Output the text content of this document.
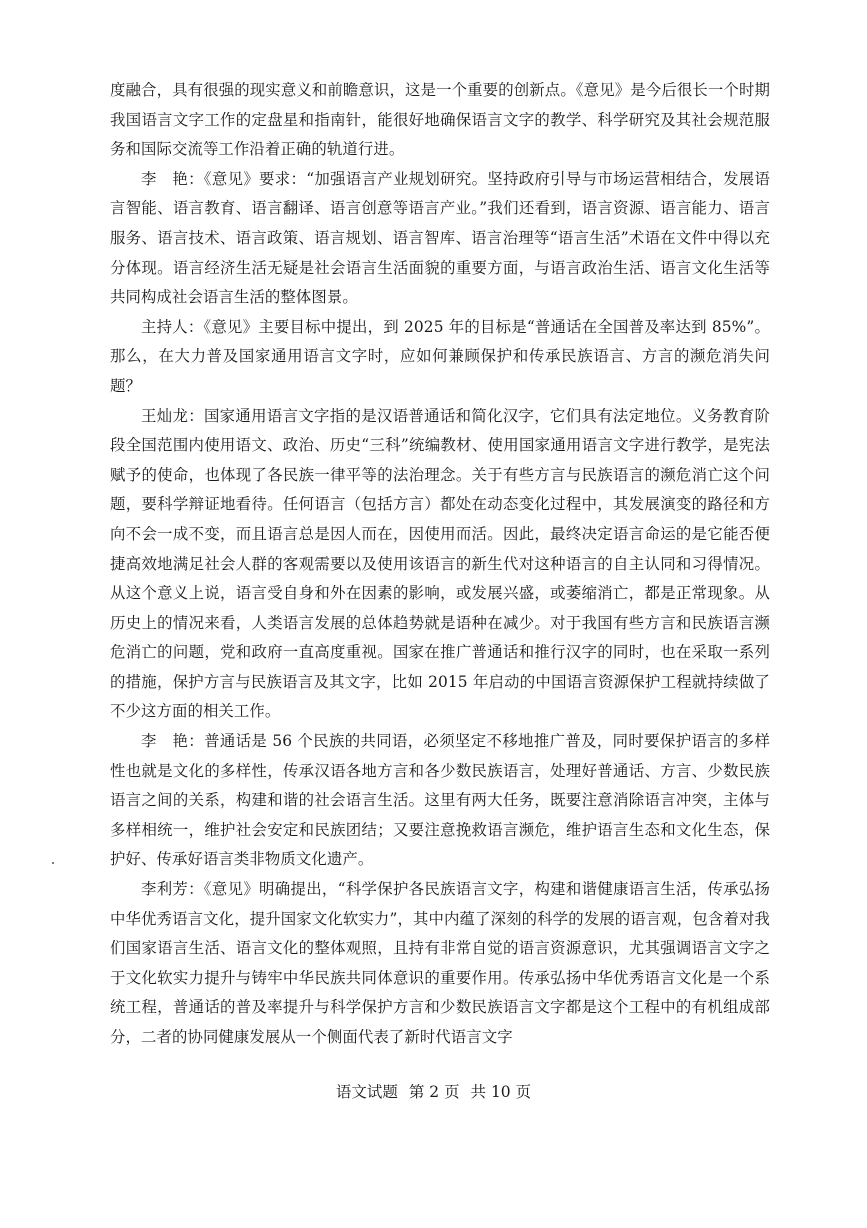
度融合，具有很强的现实意义和前瞻意识，这是一个重要的创新点。《意见》是今后很长一个时期我国语言文字工作的定盘星和指南针，能很好地确保语言文字的教学、科学研究及其社会规范服务和国际交流等工作沿着正确的轨道行进。

李　艳：《意见》要求：“加强语言产业规划研究。坚持政府引导与市场运营相结合，发展语言智能、语言教育、语言翻译、语言创意等语言产业。”我们还看到，语言资源、语言能力、语言服务、语言技术、语言政策、语言规划、语言智库、语言治理等“语言生活”术语在文件中得以充分体现。语言经济生活无疑是社会语言生活面貌的重要方面，与语言政治生活、语言文化生活等共同构成社会语言生活的整体图景。

主持人：《意见》主要目标中提出，到 2025 年的目标是“普通话在全国普及率达到 85%”。那么，在大力普及国家通用语言文字时，应如何兼顾保护和传承民族语言、方言的濒危消失问题？

王灿龙：国家通用语言文字指的是汉语普通话和简化汉字，它们具有法定地位。义务教育阶段全国范围内使用语文、政治、历史“三科”统编教材、使用国家通用语言文字进行教学，是宪法赋予的使命，也体现了各民族一律平等的法治理念。关于有些方言与民族语言的濒危消亡这个问题，要科学辩证地看待。任何语言（包括方言）都处在动态变化过程中，其发展演变的路径和方向不会一成不变，而且语言总是因人而在，因使用而活。因此，最终决定语言命运的是它能否便捷高效地满足社会人群的客观需要以及使用该语言的新生代对这种语言的自主认同和习得情况。从这个意义上说，语言受自身和外在因素的影响，或发展兴盛，或萎缩消亡，都是正常现象。从历史上的情况来看，人类语言发展的总体趋势就是语种在减少。对于我国有些方言和民族语言濒危消亡的问题，党和政府一直高度重视。国家在推广普通话和推行汉字的同时，也在采取一系列的措施，保护方言与民族语言及其文字，比如 2015 年启动的中国语言资源保护工程就持续做了不少这方面的相关工作。

李　艳：普通话是 56 个民族的共同语，必须坚定不移地推广普及，同时要保护语言的多样性也就是文化的多样性，传承汉语各地方言和各少数民族语言，处理好普通话、方言、少数民族语言之间的关系，构建和谐的社会语言生活。这里有两大任务，既要注意消除语言冲突，主体与多样相统一，维护社会安定和民族团结；又要注意挽救语言濒危，维护语言生态和文化生态，保护好、传承好语言类非物质文化遗产。

李利芳：《意见》明确提出，“科学保护各民族语言文字，构建和谐健康语言生活，传承弘扬中华优秀语言文化，提升国家文化软实力”，其中内蕴了深刻的科学的发展的语言观，包含着对我们国家语言生活、语言文化的整体观照，且持有非常自觉的语言资源意识，尤其强调语言文字之于文化软实力提升与铸牢中华民族共同体意识的重要作用。传承弘扬中华优秀语言文化是一个系统工程，普通话的普及率提升与科学保护方言和少数民族语言文字都是这个工程中的有机组成部分，二者的协同健康发展从一个侧面代表了新时代语言文字

语文试题 第 2 页 共 10 页
